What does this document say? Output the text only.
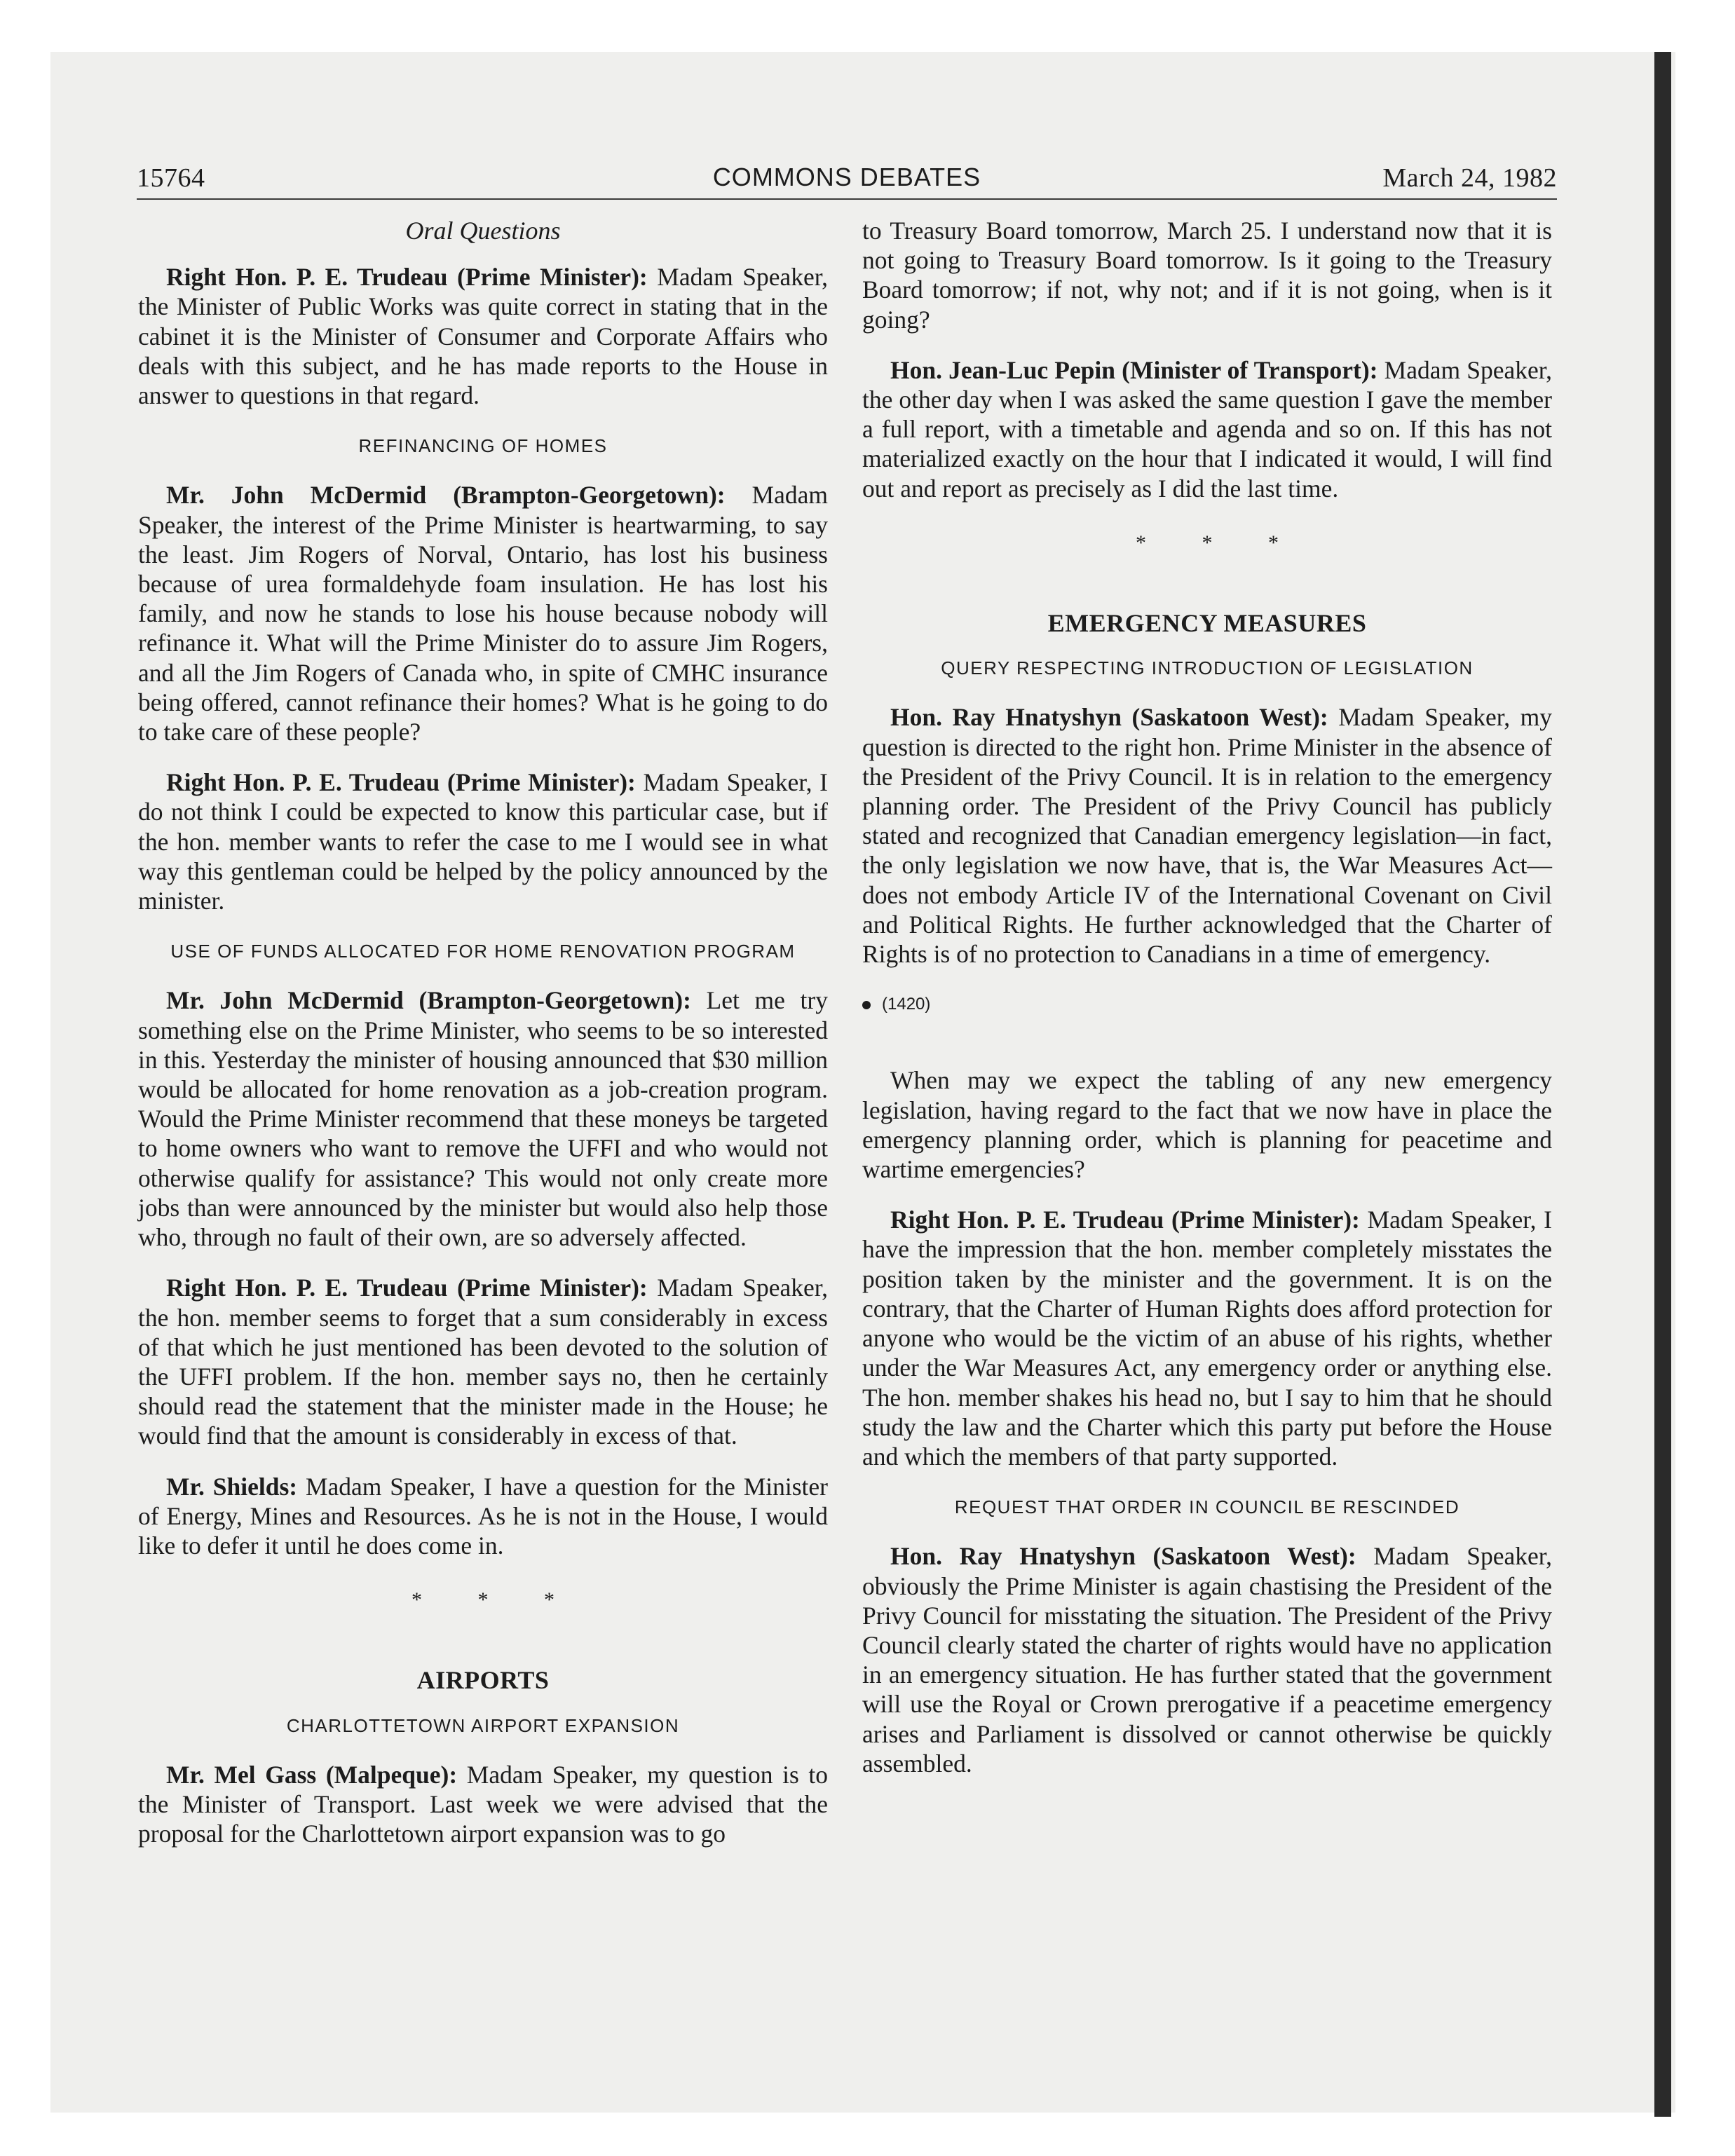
15764	COMMONS DEBATES	March 24, 1982
Oral Questions

Right Hon. P. E. Trudeau (Prime Minister): Madam Speaker, the Minister of Public Works was quite correct in stating that in the cabinet it is the Minister of Consumer and Corporate Affairs who deals with this subject, and he has made reports to the House in answer to questions in that regard.

REFINANCING OF HOMES

Mr. John McDermid (Brampton-Georgetown): Madam Speaker, the interest of the Prime Minister is heartwarming, to say the least. Jim Rogers of Norval, Ontario, has lost his business because of urea formaldehyde foam insulation. He has lost his family, and now he stands to lose his house because nobody will refinance it. What will the Prime Minister do to assure Jim Rogers, and all the Jim Rogers of Canada who, in spite of CMHC insurance being offered, cannot refinance their homes? What is he going to do to take care of these people?

Right Hon. P. E. Trudeau (Prime Minister): Madam Speaker, I do not think I could be expected to know this particular case, but if the hon. member wants to refer the case to me I would see in what way this gentleman could be helped by the policy announced by the minister.

USE OF FUNDS ALLOCATED FOR HOME RENOVATION PROGRAM

Mr. John McDermid (Brampton-Georgetown): Let me try something else on the Prime Minister, who seems to be so interested in this. Yesterday the minister of housing announced that $30 million would be allocated for home renovation as a job-creation program. Would the Prime Minister recommend that these moneys be targeted to home owners who want to remove the UFFI and who would not otherwise qualify for assistance? This would not only create more jobs than were announced by the minister but would also help those who, through no fault of their own, are so adversely affected.

Right Hon. P. E. Trudeau (Prime Minister): Madam Speaker, the hon. member seems to forget that a sum considerably in excess of that which he just mentioned has been devoted to the solution of the UFFI problem. If the hon. member says no, then he certainly should read the statement that the minister made in the House; he would find that the amount is considerably in excess of that.

Mr. Shields: Madam Speaker, I have a question for the Minister of Energy, Mines and Resources. As he is not in the House, I would like to defer it until he does come in.

* * *
AIRPORTS
CHARLOTTETOWN AIRPORT EXPANSION

Mr. Mel Gass (Malpeque): Madam Speaker, my question is to the Minister of Transport. Last week we were advised that the proposal for the Charlottetown airport expansion was to go

to Treasury Board tomorrow, March 25. I understand now that it is not going to Treasury Board tomorrow. Is it going to the Treasury Board tomorrow; if not, why not; and if it is not going, when is it going?

Hon. Jean-Luc Pepin (Minister of Transport): Madam Speaker, the other day when I was asked the same question I gave the member a full report, with a timetable and agenda and so on. If this has not materialized exactly on the hour that I indicated it would, I will find out and report as precisely as I did the last time.

* * *
EMERGENCY MEASURES
QUERY RESPECTING INTRODUCTION OF LEGISLATION

Hon. Ray Hnatyshyn (Saskatoon West): Madam Speaker, my question is directed to the right hon. Prime Minister in the absence of the President of the Privy Council. It is in relation to the emergency planning order. The President of the Privy Council has publicly stated and recognized that Canadian emergency legislation—in fact, the only legislation we now have, that is, the War Measures Act—does not embody Article IV of the International Covenant on Civil and Political Rights. He further acknowledged that the Charter of Rights is of no protection to Canadians in a time of emergency.

(1420)

When may we expect the tabling of any new emergency legislation, having regard to the fact that we now have in place the emergency planning order, which is planning for peacetime and wartime emergencies?

Right Hon. P. E. Trudeau (Prime Minister): Madam Speaker, I have the impression that the hon. member completely misstates the position taken by the minister and the government. It is on the contrary, that the Charter of Human Rights does afford protection for anyone who would be the victim of an abuse of his rights, whether under the War Measures Act, any emergency order or anything else. The hon. member shakes his head no, but I say to him that he should study the law and the Charter which this party put before the House and which the members of that party supported.

REQUEST THAT ORDER IN COUNCIL BE RESCINDED

Hon. Ray Hnatyshyn (Saskatoon West): Madam Speaker, obviously the Prime Minister is again chastising the President of the Privy Council for misstating the situation. The President of the Privy Council clearly stated the charter of rights would have no application in an emergency situation. He has further stated that the government will use the Royal or Crown prerogative if a peacetime emergency arises and Parliament is dissolved or cannot otherwise be quickly assembled.
